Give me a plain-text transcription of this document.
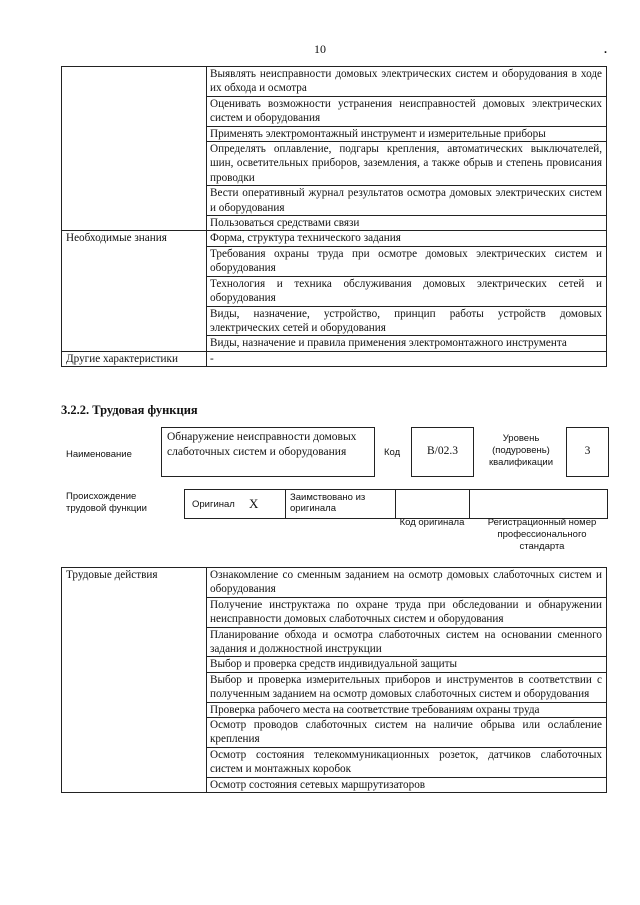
10	.
	Выявлять неисправности домовых электрических систем и оборудования в ходе их обхода и осмотра
	Оценивать возможности устранения неисправностей домовых электрических систем и оборудования
	Применять электромонтажный инструмент и измерительные приборы
	Определять оплавление, подгары крепления, автоматических выключателей, шин, осветительных приборов, заземления, а также обрыв и степень провисания проводки
	Вести оперативный журнал результатов осмотра домовых электрических систем и оборудования
	Пользоваться средствами связи
Необходимые знания	Форма, структура технического задания
	Требования охраны труда при осмотре домовых электрических систем и оборудования
	Технология и техника обслуживания домовых электрических сетей и оборудования
	Виды, назначение, устройство, принцип работы устройств домовых электрических сетей и оборудования
	Виды, назначение и правила применения электромонтажного инструмента
Другие характеристики	-
3.2.2. Трудовая функция
Наименование
Обнаружение неисправности домовых слаботочных систем и оборудования	Код	B/02.3
Уровень (подуровень) квалификации
3
Происхождение трудовой функции	Оригинал X	Заимствовано из оригинала
Код оригинала	Регистрационный номер профессионального стандарта
Трудовые действия	Ознакомление со сменным заданием на осмотр домовых слаботочных систем и оборудования
Получение инструктажа по охране труда при обследовании и обнаружении неисправности домовых слаботочных систем и оборудования
Планирование обхода и осмотра слаботочных систем на основании сменного задания и должностной инструкции
Выбор и проверка средств индивидуальной защиты
Выбор и проверка измерительных приборов и инструментов в соответствии с полученным заданием на осмотр домовых слаботочных систем и оборудования
Проверка рабочего места на соответствие требованиям охраны труда
Осмотр проводов слаботочных систем на наличие обрыва или ослабление крепления
Осмотр состояния телекоммуникационных розеток, датчиков слаботочных систем и монтажных коробок
Осмотр состояния сетевых маршрутизаторов
